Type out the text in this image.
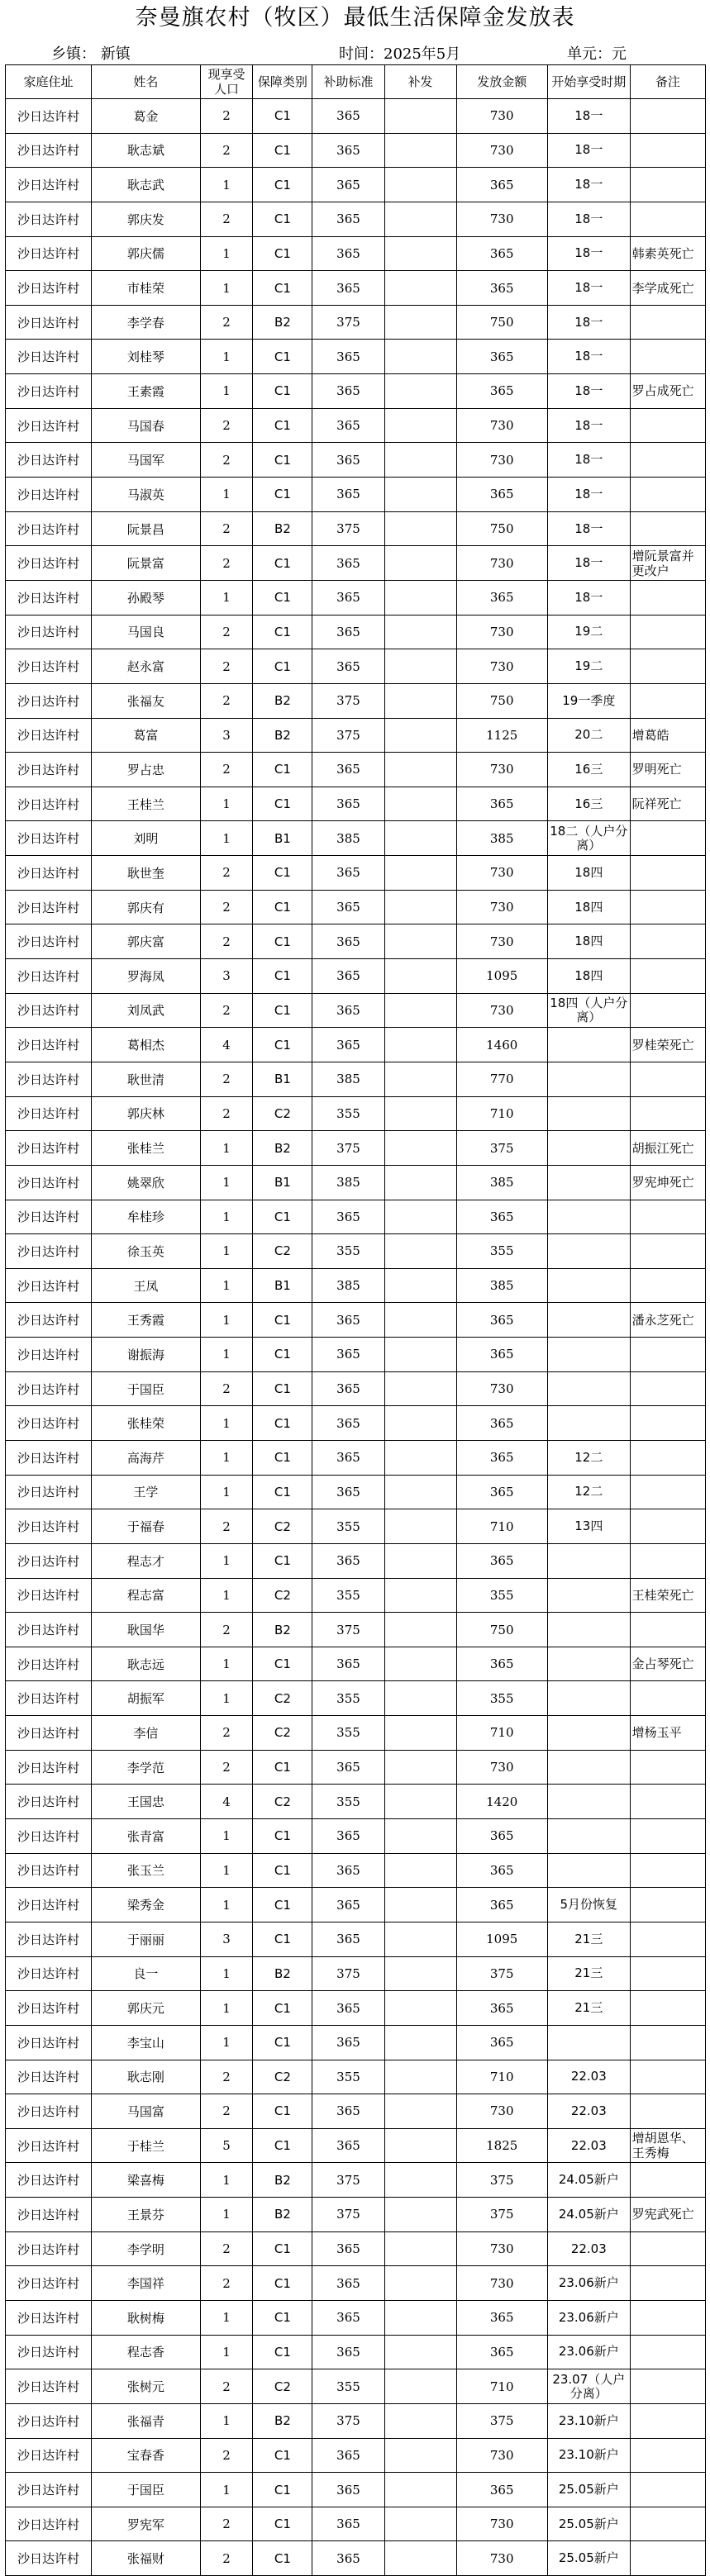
奈曼旗农村（牧区）最低生活保障金发放表
乡镇： 新镇	时间：2025年5月	单元：元
家庭住址	姓名	现享受人口	保障类别	补助标准	补发	发放金额	开始享受时期	备注
沙日达许村	葛金	2	C1	365		730	18一	
沙日达许村	耿志斌	2	C1	365		730	18一	
沙日达许村	耿志武	1	C1	365		365	18一	
沙日达许村	郭庆发	2	C1	365		730	18一	
沙日达许村	郭庆儒	1	C1	365		365	18一	韩素英死亡
沙日达许村	市桂荣	1	C1	365		365	18一	李学成死亡
沙日达许村	李学春	2	B2	375		750	18一	
沙日达许村	刘桂琴	1	C1	365		365	18一	
沙日达许村	王素霞	1	C1	365		365	18一	罗占成死亡
沙日达许村	马国春	2	C1	365		730	18一	
沙日达许村	马国军	2	C1	365		730	18一	
沙日达许村	马淑英	1	C1	365		365	18一	
沙日达许村	阮景昌	2	B2	375		750	18一	
沙日达许村	阮景富	2	C1	365		730	18一	增阮景富并更改户
沙日达许村	孙殿琴	1	C1	365		365	18一	
沙日达许村	马国良	2	C1	365		730	19二	
沙日达许村	赵永富	2	C1	365		730	19二	
沙日达许村	张福友	2	B2	375		750	19一季度	
沙日达许村	葛富	3	B2	375		1125	20二	增葛皓
沙日达许村	罗占忠	2	C1	365		730	16三	罗明死亡
沙日达许村	王桂兰	1	C1	365		365	16三	阮祥死亡
沙日达许村	刘明	1	B1	385		385	18二（人户分离）	
沙日达许村	耿世奎	2	C1	365		730	18四	
沙日达许村	郭庆有	2	C1	365		730	18四	
沙日达许村	郭庆富	2	C1	365		730	18四	
沙日达许村	罗海凤	3	C1	365		1095	18四	
沙日达许村	刘凤武	2	C1	365		730	18四（人户分离）	
沙日达许村	葛相杰	4	C1	365		1460		罗桂荣死亡
沙日达许村	耿世清	2	B1	385		770		
沙日达许村	郭庆林	2	C2	355		710		
沙日达许村	张桂兰	1	B2	375		375		胡振江死亡
沙日达许村	姚翠欣	1	B1	385		385		罗宪坤死亡
沙日达许村	牟桂珍	1	C1	365		365		
沙日达许村	徐玉英	1	C2	355		355		
沙日达许村	王凤	1	B1	385		385		
沙日达许村	王秀霞	1	C1	365		365		潘永芝死亡
沙日达许村	谢振海	1	C1	365		365		
沙日达许村	于国臣	2	C1	365		730		
沙日达许村	张桂荣	1	C1	365		365		
沙日达许村	高海芹	1	C1	365		365	12二	
沙日达许村	王学	1	C1	365		365	12二	
沙日达许村	于福春	2	C2	355		710	13四	
沙日达许村	程志才	1	C1	365		365		
沙日达许村	程志富	1	C2	355		355		王桂荣死亡
沙日达许村	耿国华	2	B2	375		750		
沙日达许村	耿志远	1	C1	365		365		金占琴死亡
沙日达许村	胡振军	1	C2	355		355		
沙日达许村	李信	2	C2	355		710		增杨玉平
沙日达许村	李学范	2	C1	365		730		
沙日达许村	王国忠	4	C2	355		1420		
沙日达许村	张青富	1	C1	365		365		
沙日达许村	张玉兰	1	C1	365		365		
沙日达许村	梁秀金	1	C1	365		365	5月份恢复	
沙日达许村	于丽丽	3	C1	365		1095	21三	
沙日达许村	良一	1	B2	375		375	21三	
沙日达许村	郭庆元	1	C1	365		365	21三	
沙日达许村	李宝山	1	C1	365		365		
沙日达许村	耿志刚	2	C2	355		710	22.03	
沙日达许村	马国富	2	C1	365		730	22.03	
沙日达许村	于桂兰	5	C1	365		1825	22.03	增胡恩华、王秀梅
沙日达许村	梁喜梅	1	B2	375		375	24.05新户	
沙日达许村	王景芬	1	B2	375		375	24.05新户	罗宪武死亡
沙日达许村	李学明	2	C1	365		730	22.03	
沙日达许村	李国祥	2	C1	365		730	23.06新户	
沙日达许村	耿树梅	1	C1	365		365	23.06新户	
沙日达许村	程志香	1	C1	365		365	23.06新户	
沙日达许村	张树元	2	C2	355		710	23.07（人户分离）	
沙日达许村	张福青	1	B2	375		375	23.10新户	
沙日达许村	宝春香	2	C1	365		730	23.10新户	
沙日达许村	于国臣	1	C1	365		365	25.05新户	
沙日达许村	罗宪军	2	C1	365		730	25.05新户	
沙日达许村	张福财	2	C1	365		730	25.05新户	
